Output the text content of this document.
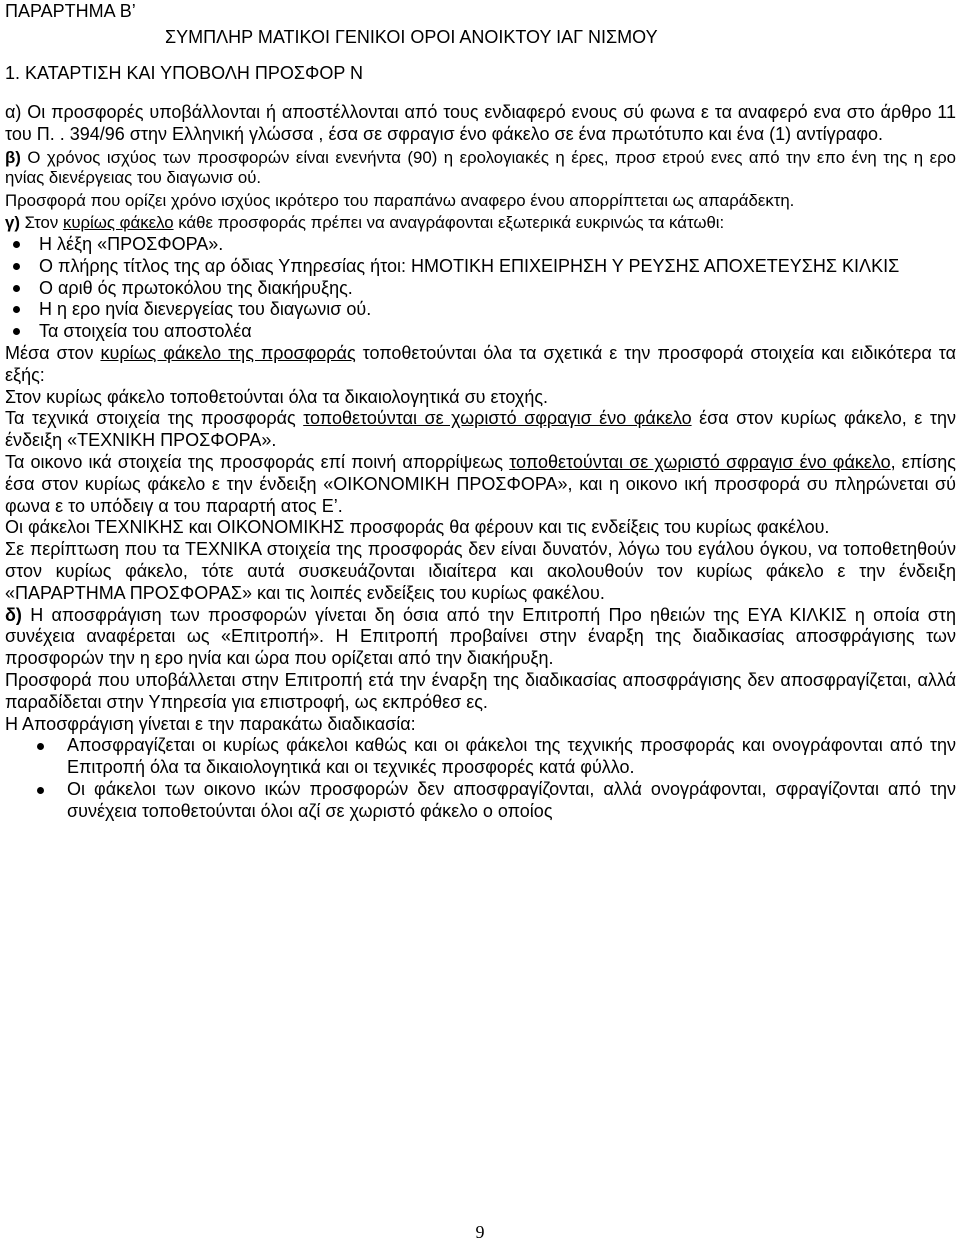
ΠΑΡΑΡΤΗΜΑ Β’
ΣΥΜΠΛΗΡ ΜΑΤΙΚΟΙ ΓΕΝΙΚΟΙ ΟΡΟΙ ΑΝΟΙΚΤΟΥ ΙΑΓ ΝΙΣΜΟΥ
1. ΚΑΤΑΡΤΙΣΗ ΚΑΙ ΥΠΟΒΟΛΗ ΠΡΟΣΦΟΡ Ν

α) Οι προσφορές υποβάλλονται ή αποστέλλονται από τους ενδιαφερό ενους σύ φωνα ε τα αναφερό ενα στο άρθρο 11 του Π. . 394/96 στην Ελληνική γλώσσα , έσα σε σφραγισ ένο φάκελο σε ένα πρωτότυπο και ένα (1) αντίγραφο.

β) Ο χρόνος ισχύος των προσφορών είναι ενενήντα (90) η ερολογιακές η έρες, προσ ετρού ενες από την επο ένη της η ερο ηνίας διενέργειας του διαγωνισ ού.

Προσφορά που ορίζει χρόνο ισχύος ικρότερο του παραπάνω αναφερο ένου απορρίπτεται ως απαράδεκτη.

γ) Στον κυρίως φάκελο κάθε προσφοράς πρέπει να αναγράφονται εξωτερικά ευκρινώς τα κάτωθι:

Η λέξη «ΠΡΟΣΦΟΡΑ».
Ο πλήρης τίτλος της αρ όδιας Υπηρεσίας ήτοι: ΗΜΟΤΙΚΗ ΕΠΙΧΕΙΡΗΣΗ Υ ΡΕΥΣΗΣ ΑΠΟΧΕΤΕΥΣΗΣ ΚΙΛΚΙΣ
Ο αριθ ός πρωτοκόλου της διακήρυξης.
Η η ερο ηνία διενεργείας του διαγωνισ ού.
Τα στοιχεία του αποστολέα

Μέσα στον κυρίως φάκελο της προσφοράς τοποθετούνται όλα τα σχετικά ε την προσφορά στοιχεία και ειδικότερα τα εξής:

Στον κυρίως φάκελο τοποθετούνται όλα τα δικαιολογητικά συ ετοχής.

Τα τεχνικά στοιχεία της προσφοράς τοποθετούνται σε χωριστό σφραγισ ένο φάκελο έσα στον κυρίως φάκελο, ε την ένδειξη «ΤΕΧΝΙΚΗ ΠΡΟΣΦΟΡΑ».

Τα οικονο ικά στοιχεία της προσφοράς επί ποινή απορρίψεως τοποθετούνται σε χωριστό σφραγισ ένο φάκελο, επίσης έσα στον κυρίως φάκελο ε την ένδειξη «ΟΙΚΟΝΟΜΙΚΗ ΠΡΟΣΦΟΡΑ», και η οικονο ική προσφορά συ πληρώνεται σύ φωνα ε το υπόδειγ α του παραρτή ατος Ε’.

Οι φάκελοι ΤΕΧΝΙΚΗΣ και ΟΙΚΟΝΟΜΙΚΗΣ προσφοράς θα φέρουν και τις ενδείξεις του κυρίως φακέλου.

Σε περίπτωση που τα ΤΕΧΝΙΚΑ στοιχεία της προσφοράς δεν είναι δυνατόν, λόγω του εγάλου όγκου, να τοποθετηθούν στον κυρίως φάκελο, τότε αυτά συσκευάζονται ιδιαίτερα και ακολουθούν τον κυρίως φάκελο ε την ένδειξη «ΠΑΡΑΡΤΗΜΑ ΠΡΟΣΦΟΡΑΣ» και τις λοιπές ενδείξεις του κυρίως φακέλου.

δ) Η αποσφράγιση των προσφορών γίνεται δη όσια από την Επιτροπή Προ ηθειών της ΕΥΑ ΚΙΛΚΙΣ η οποία στη συνέχεια αναφέρεται ως «Επιτροπή». Η Επιτροπή προβαίνει στην έναρξη της διαδικασίας αποσφράγισης των προσφορών την η ερο ηνία και ώρα που ορίζεται από την διακήρυξη.

Προσφορά που υποβάλλεται στην Επιτροπή ετά την έναρξη της διαδικασίας αποσφράγισης δεν αποσφραγίζεται, αλλά παραδίδεται στην Υπηρεσία για επιστροφή, ως εκπρόθεσ ες.

Η Αποσφράγιση γίνεται ε την παρακάτω διαδικασία:

Αποσφραγίζεται οι κυρίως φάκελοι καθώς και οι φάκελοι της τεχνικής προσφοράς και ονογράφονται από την Επιτροπή όλα τα δικαιολογητικά και οι τεχνικές προσφορές κατά φύλλο.
Οι φάκελοι των οικονο ικών προσφορών δεν αποσφραγίζονται, αλλά ονογράφονται, σφραγίζονται από την συνέχεια τοποθετούνται όλοι αζί σε χωριστό φάκελο ο οποίος
9
